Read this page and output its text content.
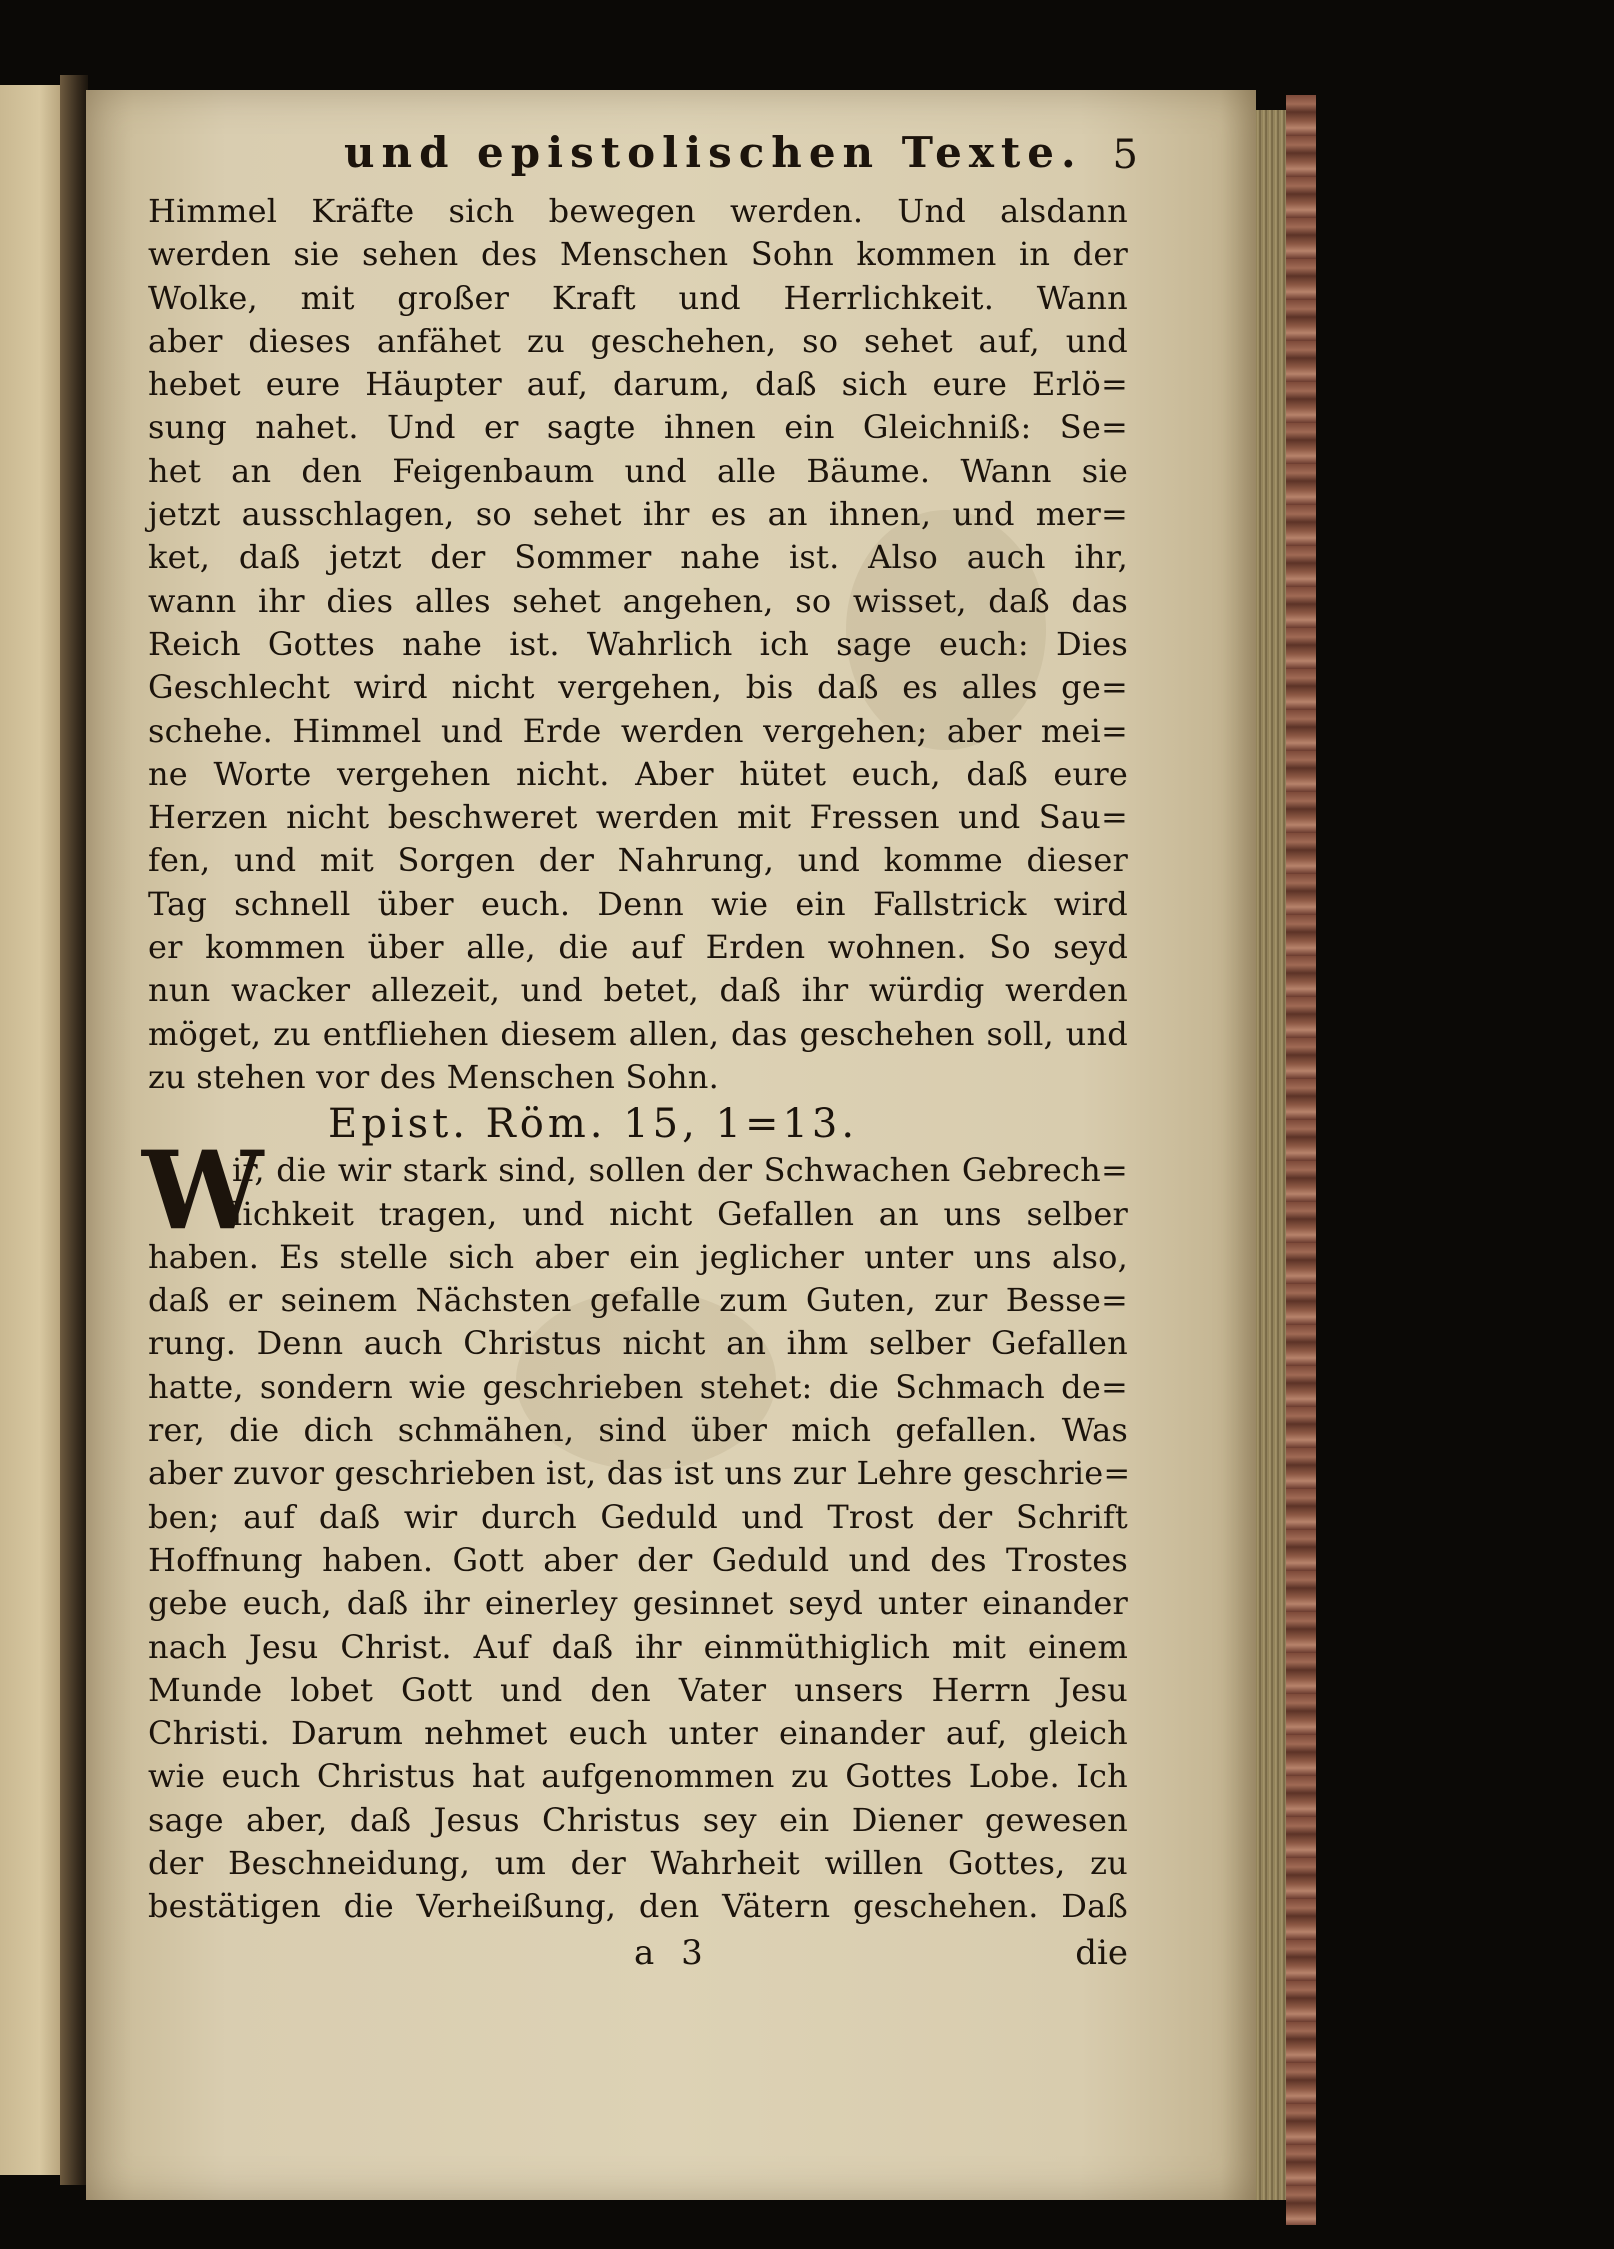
und epistolischen Texte. 5
Himmel Kräfte sich bewegen werden. Und alsdann
werden sie sehen des Menschen Sohn kommen in der
Wolke, mit großer Kraft und Herrlichkeit. Wann
aber dieses anfähet zu geschehen, so sehet auf, und
hebet eure Häupter auf, darum, daß sich eure Erlö=
sung nahet. Und er sagte ihnen ein Gleichniß: Se=
het an den Feigenbaum und alle Bäume. Wann sie
jetzt ausschlagen, so sehet ihr es an ihnen, und mer=
ket, daß jetzt der Sommer nahe ist. Also auch ihr,
wann ihr dies alles sehet angehen, so wisset, daß das
Reich Gottes nahe ist. Wahrlich ich sage euch: Dies
Geschlecht wird nicht vergehen, bis daß es alles ge=
schehe. Himmel und Erde werden vergehen; aber mei=
ne Worte vergehen nicht. Aber hütet euch, daß eure
Herzen nicht beschweret werden mit Fressen und Sau=
fen, und mit Sorgen der Nahrung, und komme dieser
Tag schnell über euch. Denn wie ein Fallstrick wird
er kommen über alle, die auf Erden wohnen. So seyd
nun wacker allezeit, und betet, daß ihr würdig werden
möget, zu entfliehen diesem allen, das geschehen soll, und
zu stehen vor des Menschen Sohn.
Epist. Röm. 15, 1=13.
W
ir, die wir stark sind, sollen der Schwachen Gebrech=
lichkeit tragen, und nicht Gefallen an uns selber
haben. Es stelle sich aber ein jeglicher unter uns also,
daß er seinem Nächsten gefalle zum Guten, zur Besse=
rung. Denn auch Christus nicht an ihm selber Gefallen
hatte, sondern wie geschrieben stehet: die Schmach de=
rer, die dich schmähen, sind über mich gefallen. Was
aber zuvor geschrieben ist, das ist uns zur Lehre geschrie=
ben; auf daß wir durch Geduld und Trost der Schrift
Hoffnung haben. Gott aber der Geduld und des Trostes
gebe euch, daß ihr einerley gesinnet seyd unter einander
nach Jesu Christ. Auf daß ihr einmüthiglich mit einem
Munde lobet Gott und den Vater unsers Herrn Jesu
Christi. Darum nehmet euch unter einander auf, gleich
wie euch Christus hat aufgenommen zu Gottes Lobe. Ich
sage aber, daß Jesus Christus sey ein Diener gewesen
der Beschneidung, um der Wahrheit willen Gottes, zu
bestätigen die Verheißung, den Vätern geschehen. Daß
a 3	die
